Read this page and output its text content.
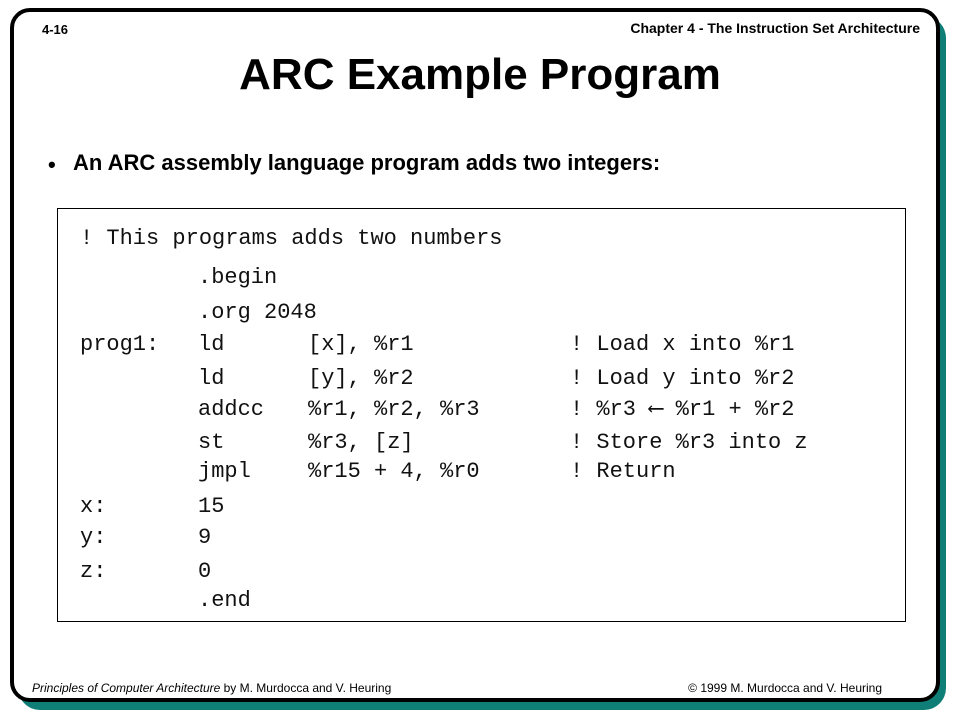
4-16	Chapter 4 - The Instruction Set Architecture
ARC Example Program
• An ARC assembly language program adds two integers:
! This programs adds two numbers
.begin
.org 2048
prog1: ld	[x], %r1	! Load x into %r1
ld	[y], %r2	! Load y into %r2
addcc %r1, %r2, %r3	! %r3 ⟵ %r1 + %r2
st	%r3, [z]	! Store %r3 into z
jmpl	%r15 + 4, %r0	! Return
x:	15
y:	9
z:	0
.end
Principles of Computer Architecture by M. Murdocca and V. Heuring	© 1999 M. Murdocca and V. Heuring
